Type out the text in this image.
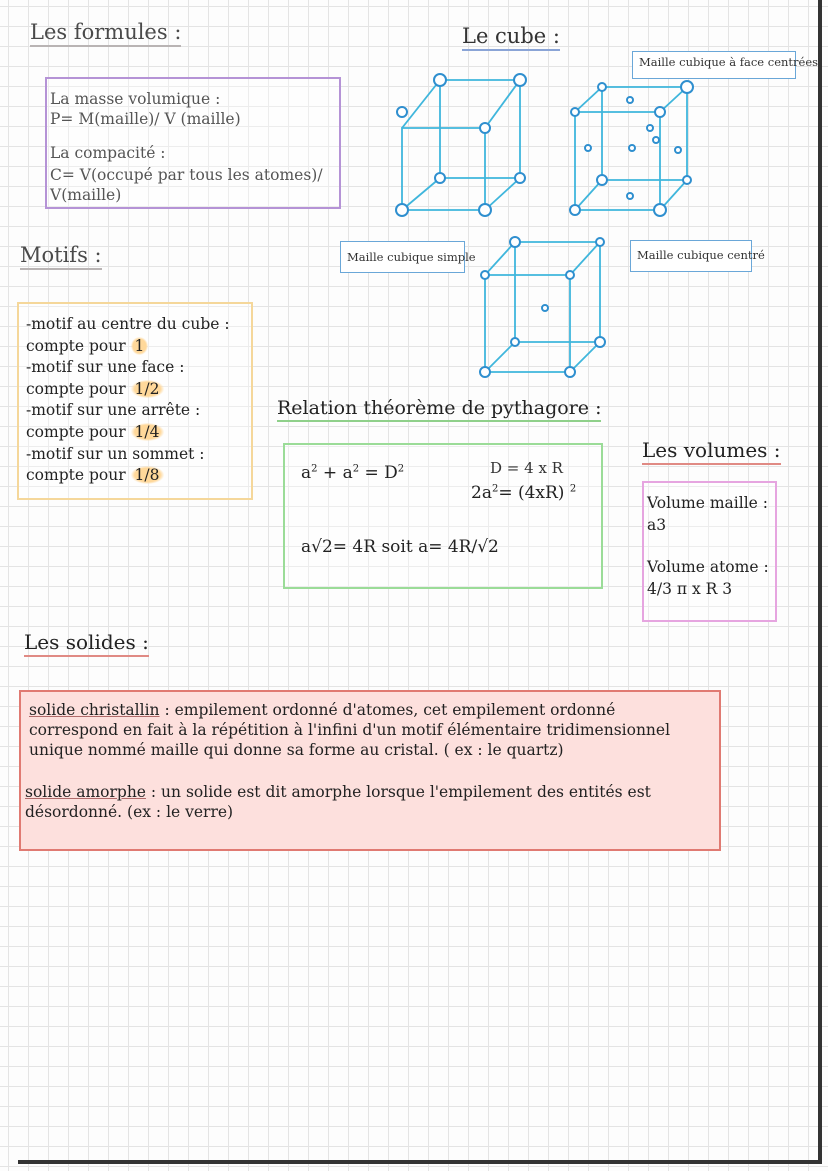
Les formules :
La masse volumique :
P= M(maille)/ V (maille)
La compacité :
C= V(occupé par tous les atomes)/
V(maille)
Le cube :
Maille cubique à face centrées
Maille cubique simple	Maille cubique centré
Motifs :
-motif au centre du cube :
compte pour 1
-motif sur une face :
compte pour 1/2
-motif sur une arrête :
compte pour 1/4
-motif sur un sommet :
compte pour 1/8
Relation théorème de pythagore :
$a^2 + a^2 = D^2$	D = 4 x R
$2a^2= (4xR)$ $^2$
a√2= 4R soit a= 4R/√2
Les volumes :
Volume maille :
a3
Volume atome :
4/3 π x R 3
Les solides :
solide christallin : empilement ordonné d'atomes, cet empilement ordonné
correspond en fait à la répétition à l'infini d'un motif élémentaire tridimensionnel
unique nommé maille qui donne sa forme au cristal. ( ex : le quartz)
solide amorphe : un solide est dit amorphe lorsque l'empilement des entités est
désordonné. (ex : le verre)
